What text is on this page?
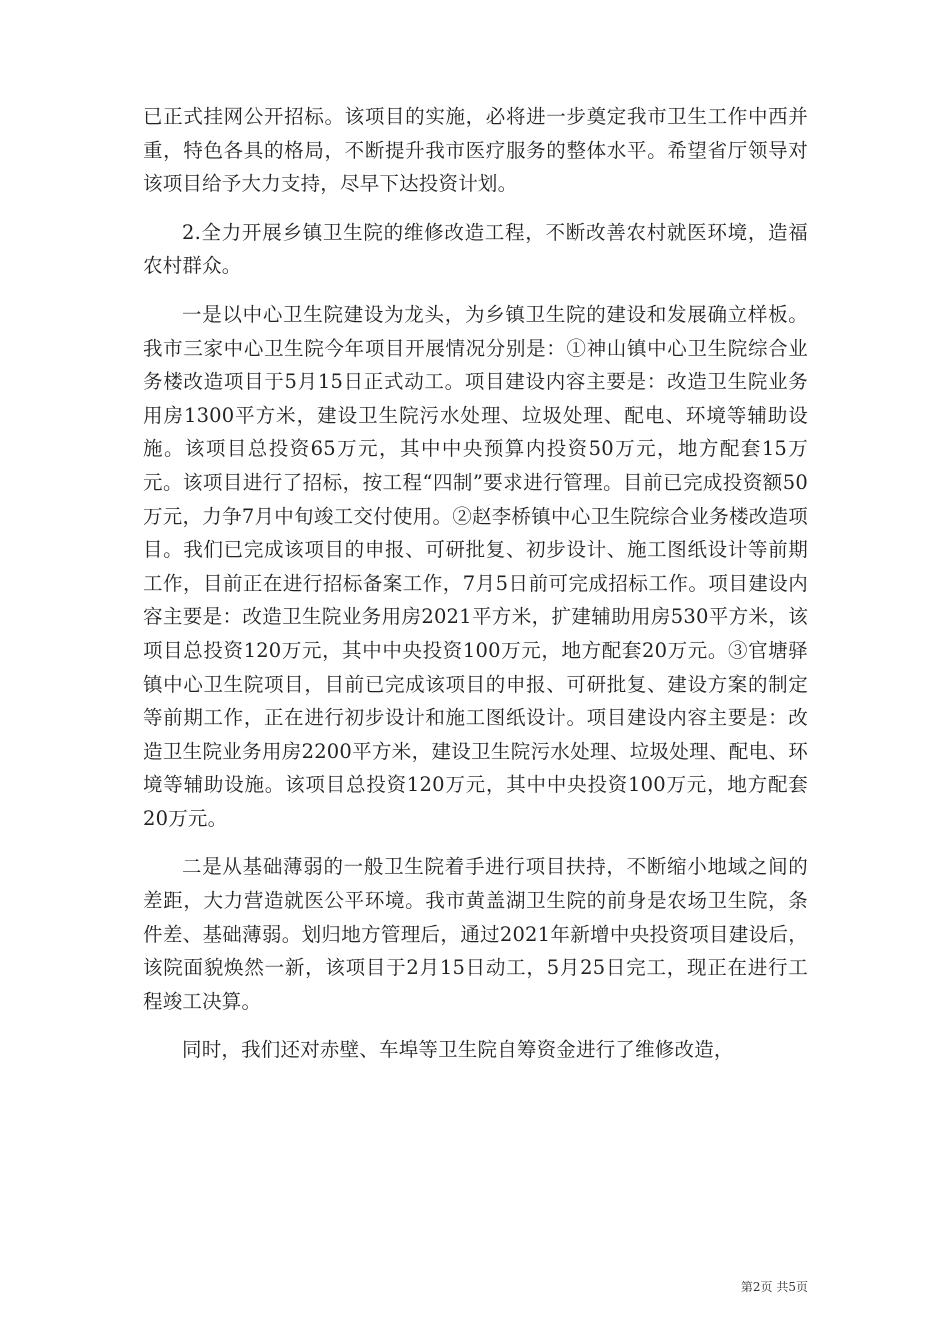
已正式挂网公开招标。该项目的实施，必将进一步奠定我市卫生工作中西并重，特色各具的格局，不断提升我市医疗服务的整体水平。希望省厅领导对该项目给予大力支持，尽早下达投资计划。

2.全力开展乡镇卫生院的维修改造工程，不断改善农村就医环境，造福农村群众。

一是以中心卫生院建设为龙头，为乡镇卫生院的建设和发展确立样板。我市三家中心卫生院今年项目开展情况分别是：①神山镇中心卫生院综合业务楼改造项目于5月15日正式动工。项目建设内容主要是：改造卫生院业务用房1300平方米，建设卫生院污水处理、垃圾处理、配电、环境等辅助设施。该项目总投资65万元，其中中央预算内投资50万元，地方配套15万元。该项目进行了招标，按工程“四制”要求进行管理。目前已完成投资额50万元，力争7月中旬竣工交付使用。②赵李桥镇中心卫生院综合业务楼改造项目。我们已完成该项目的申报、可研批复、初步设计、施工图纸设计等前期工作，目前正在进行招标备案工作，7月5日前可完成招标工作。项目建设内容主要是：改造卫生院业务用房2021平方米，扩建辅助用房530平方米，该项目总投资120万元，其中中央投资100万元，地方配套20万元。③官塘驿镇中心卫生院项目，目前已完成该项目的申报、可研批复、建设方案的制定等前期工作，正在进行初步设计和施工图纸设计。项目建设内容主要是：改造卫生院业务用房2200平方米，建设卫生院污水处理、垃圾处理、配电、环境等辅助设施。该项目总投资120万元，其中中央投资100万元，地方配套20万元。

二是从基础薄弱的一般卫生院着手进行项目扶持，不断缩小地域之间的差距，大力营造就医公平环境。我市黄盖湖卫生院的前身是农场卫生院，条件差、基础薄弱。划归地方管理后，通过2021年新增中央投资项目建设后，该院面貌焕然一新，该项目于2月15日动工，5月25日完工，现正在进行工程竣工决算。

同时，我们还对赤壁、车埠等卫生院自筹资金进行了维修改造，

第2页 共5页
